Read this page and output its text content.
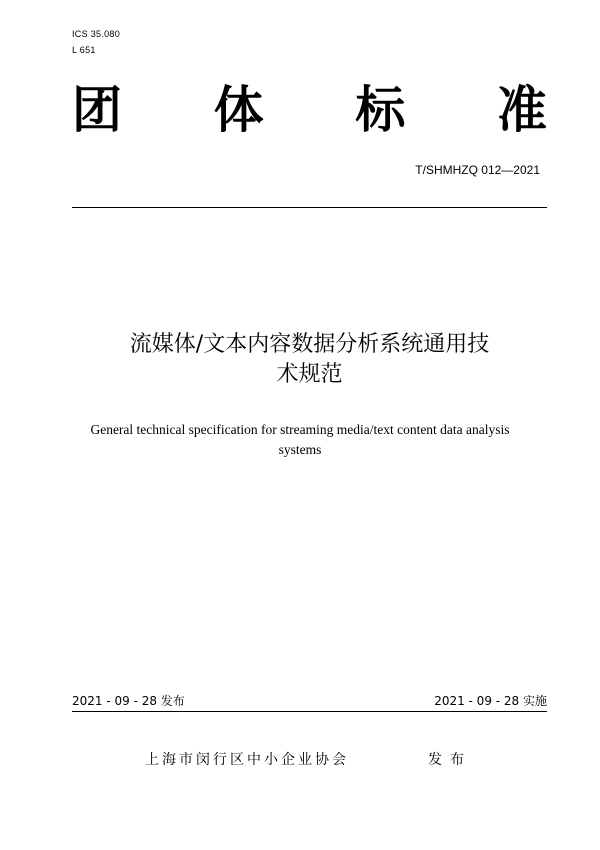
ICS 35.080
L 651
团 体 标 准
T/SHMHZQ 012—2021
流媒体/文本内容数据分析系统通用技
术规范
General technical specification for streaming media/text content data analysis
systems
2021 - 09 - 28 发布	2021 - 09 - 28 实施
上海市闵行区中小企业协会	发布
